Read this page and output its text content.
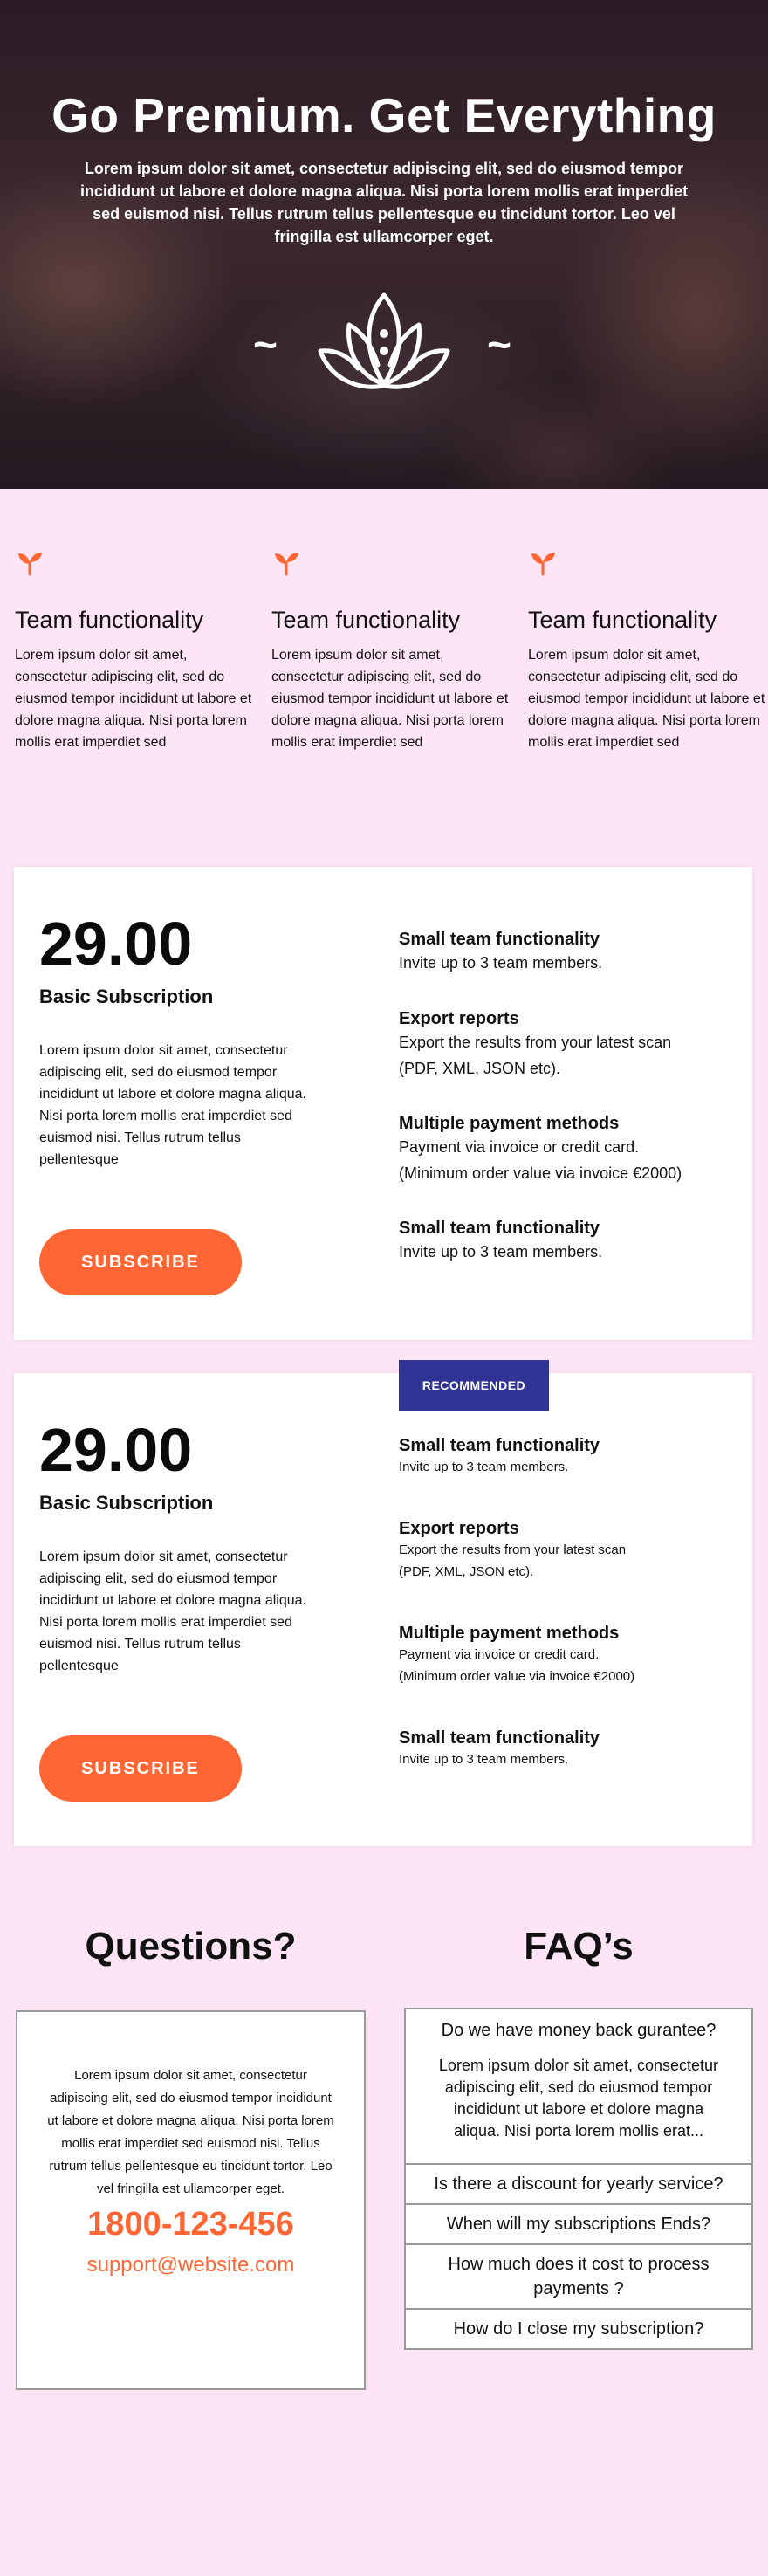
Go Premium. Get Everything

Lorem ipsum dolor sit amet, consectetur adipiscing elit, sed do eiusmod tempor incididunt ut labore et dolore magna aliqua. Nisi porta lorem mollis erat imperdiet sed euismod nisi. Tellus rutrum tellus pellentesque eu tincidunt tortor. Leo vel fringilla est ullamcorper eget.

~	~
Team functionality

Lorem ipsum dolor sit amet, consectetur adipiscing elit, sed do eiusmod tempor incididunt ut labore et dolore magna aliqua. Nisi porta lorem mollis erat imperdiet sed

Team functionality

Lorem ipsum dolor sit amet, consectetur adipiscing elit, sed do eiusmod tempor incididunt ut labore et dolore magna aliqua. Nisi porta lorem mollis erat imperdiet sed

Team functionality

Lorem ipsum dolor sit amet, consectetur adipiscing elit, sed do eiusmod tempor incididunt ut labore et dolore magna aliqua. Nisi porta lorem mollis erat imperdiet sed

29.00
Basic Subscription
Lorem ipsum dolor sit amet, consectetur adipiscing elit, sed do eiusmod tempor incididunt ut labore et dolore magna aliqua. Nisi porta lorem mollis erat imperdiet sed euismod nisi. Tellus rutrum tellus pellentesque
SUBSCRIBE
Small team functionality
Invite up to 3 team members.
Export reports
Export the results from your latest scan
(PDF, XML, JSON etc).
Multiple payment methods
Payment via invoice or credit card.
(Minimum order value via invoice €2000)
Small team functionality
Invite up to 3 team members.
29.00
Basic Subscription
Lorem ipsum dolor sit amet, consectetur adipiscing elit, sed do eiusmod tempor incididunt ut labore et dolore magna aliqua. Nisi porta lorem mollis erat imperdiet sed euismod nisi. Tellus rutrum tellus pellentesque
SUBSCRIBE
Small team functionality
Invite up to 3 team members.
Export reports
Export the results from your latest scan
(PDF, XML, JSON etc).
Multiple payment methods
Payment via invoice or credit card.
(Minimum order value via invoice €2000)
Small team functionality
Invite up to 3 team members.
RECOMMENDED
Questions?

Lorem ipsum dolor sit amet, consectetur adipiscing elit, sed do eiusmod tempor incididunt ut labore et dolore magna aliqua. Nisi porta lorem mollis erat imperdiet sed euismod nisi. Tellus rutrum tellus pellentesque eu tincidunt tortor. Leo vel fringilla est ullamcorper eget.

1800-123-456
support@website.com
FAQ’s
Do we have money back gurantee?
Lorem ipsum dolor sit amet, consectetur adipiscing elit, sed do eiusmod tempor incididunt ut labore et dolore magna aliqua. Nisi porta lorem mollis erat...
Is there a discount for yearly service?
When will my subscriptions Ends?
How much does it cost to process payments ?
How do I close my subscription?
